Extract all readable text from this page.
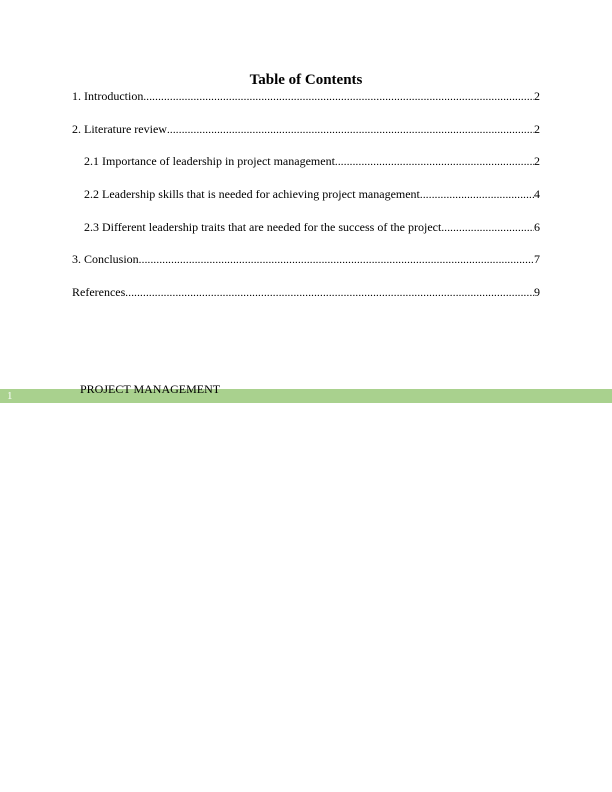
Table of Contents
1. Introduction .....	2
2. Literature review .....	2
2.1 Importance of leadership in project management .....	2
2.2 Leadership skills that is needed for achieving project management .....	4
2.3 Different leadership traits that are needed for the success of the project .....	6
3. Conclusion .....	7
References .....	9
1	PROJECT MANAGEMENT
